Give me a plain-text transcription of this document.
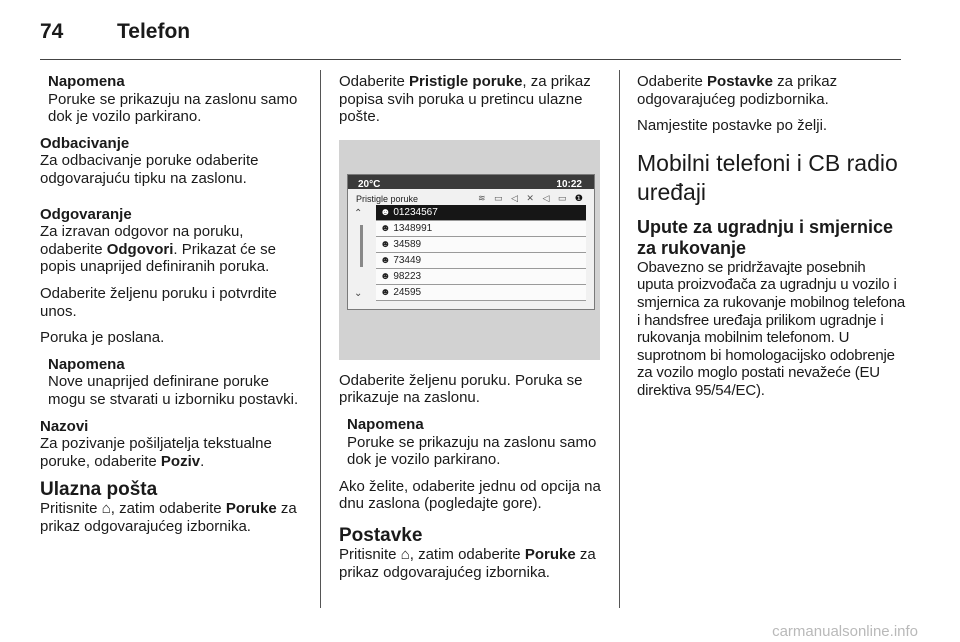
74	Telefon
Napomena
Poruke se prikazuju na zaslonu samo dok je vozilo parkirano.
Odbacivanje

Za odbacivanje poruke odaberite odgovarajuću tipku na zaslonu.

Odgovaranje

Za izravan odgovor na poruku, odaberite Odgovori. Prikazat će se popis unaprijed definiranih poruka.

Odaberite željenu poruku i potvrdite unos.

Poruka je poslana.

Napomena
Nove unaprijed definirane poruke mogu se stvarati u izborniku postavki.
Nazovi

Za pozivanje pošiljatelja tekstualne poruke, odaberite Poziv.

Ulazna pošta

Pritisnite ⌂, zatim odaberite Poruke za prikaz odgovarajućeg izbornika.

Odaberite Pristigle poruke, za prikaz popisa svih poruka u pretincu ulazne pošte.

20°C	10:22
Pristigle poruke	≋ ▭ ◁ ✕ ◁ ▭ ❶
⌃
⌄
☻ 01234567
☻ 1348991
☻ 34589
☻ 73449
☻ 98223
☻ 24595

Odaberite željenu poruku. Poruka se prikazuje na zaslonu.

Napomena
Poruke se prikazuju na zaslonu samo dok je vozilo parkirano.

Ako želite, odaberite jednu od opcija na dnu zaslona (pogledajte gore).

Postavke

Pritisnite ⌂, zatim odaberite Poruke za prikaz odgovarajućeg izbornika.

Odaberite Postavke za prikaz odgovarajućeg podizbornika.

Namjestite postavke po želji.

Mobilni telefoni i CB radio uređaji
Upute za ugradnju i smjernice za rukovanje

Obavezno se pridržavajte posebnih uputa proizvođača za ugradnju u vozilo i smjernica za rukovanje mobilnog telefona i handsfree uređaja prilikom ugradnje i rukovanja mobilnim telefonom. U suprotnom bi homologacijsko odobrenje za vozilo moglo postati nevažeće (EU direktiva 95/54/EC).

carmanualsonline.info
